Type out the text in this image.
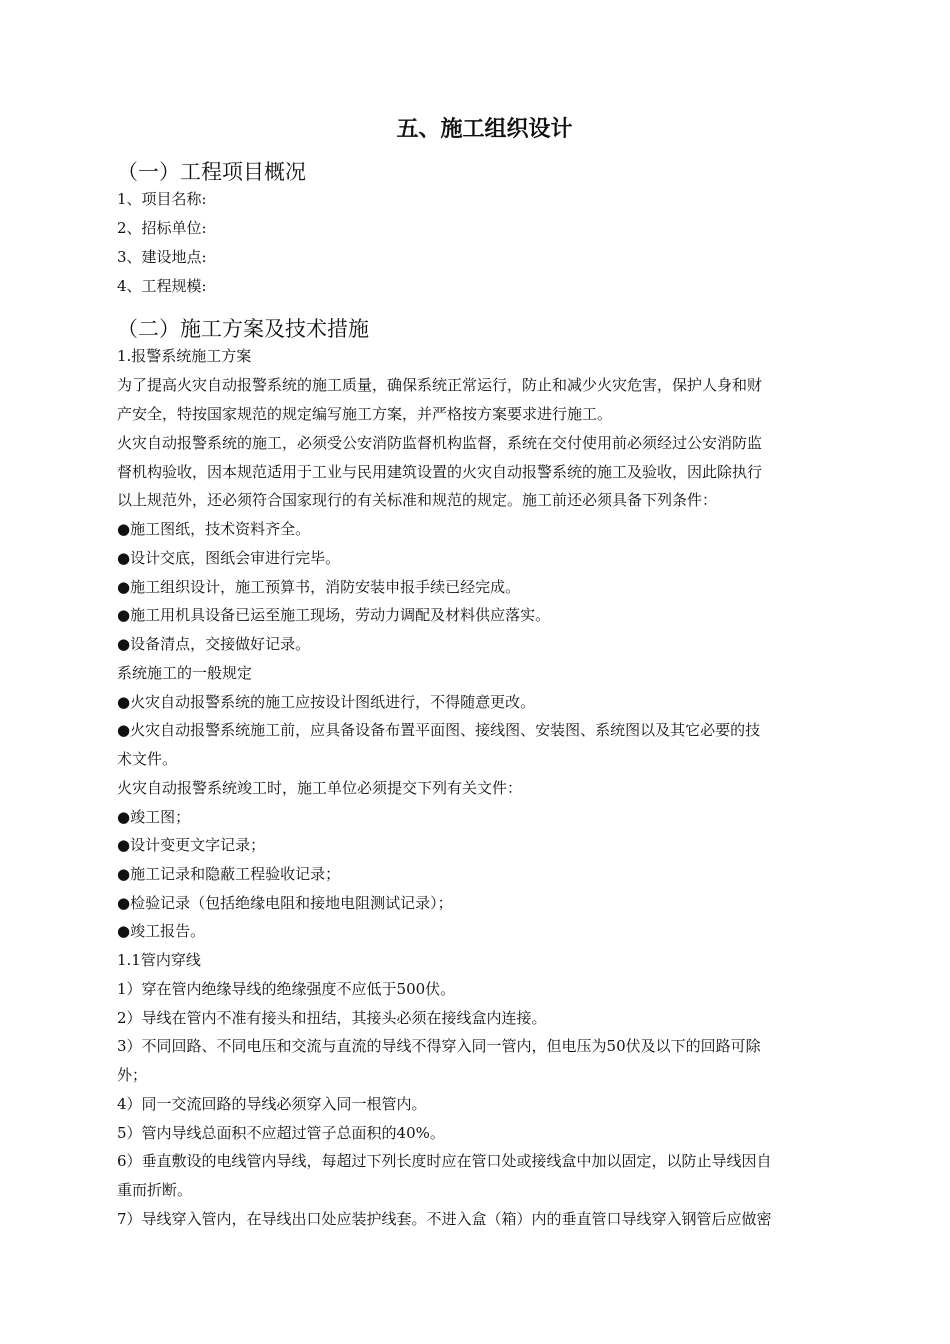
五、施工组织设计
（一）工程项目概况
1、项目名称:
2、招标单位:
3、建设地点:
4、工程规模:
（二）施工方案及技术措施
1.报警系统施工方案
为了提高火灾自动报警系统的施工质量，确保系统正常运行，防止和减少火灾危害，保护人身和财
产安全，特按国家规范的规定编写施工方案，并严格按方案要求进行施工。
火灾自动报警系统的施工，必须受公安消防监督机构监督，系统在交付使用前必须经过公安消防监
督机构验收，因本规范适用于工业与民用建筑设置的火灾自动报警系统的施工及验收，因此除执行
以上规范外，还必须符合国家现行的有关标准和规范的规定。施工前还必须具备下列条件：
●施工图纸，技术资料齐全。
●设计交底，图纸会审进行完毕。
●施工组织设计，施工预算书，消防安装申报手续已经完成。
●施工用机具设备已运至施工现场，劳动力调配及材料供应落实。
●设备清点，交接做好记录。
系统施工的一般规定
●火灾自动报警系统的施工应按设计图纸进行，不得随意更改。
●火灾自动报警系统施工前，应具备设备布置平面图、接线图、安装图、系统图以及其它必要的技
术文件。
火灾自动报警系统竣工时，施工单位必须提交下列有关文件：
●竣工图；
●设计变更文字记录；
●施工记录和隐蔽工程验收记录；
●检验记录（包括绝缘电阻和接地电阻测试记录）；
●竣工报告。
1.1管内穿线
1）穿在管内绝缘导线的绝缘强度不应低于500伏。
2）导线在管内不准有接头和扭结，其接头必须在接线盒内连接。
3）不同回路、不同电压和交流与直流的导线不得穿入同一管内，但电压为50伏及以下的回路可除
外；
4）同一交流回路的导线必须穿入同一根管内。
5）管内导线总面积不应超过管子总面积的40%。
6）垂直敷设的电线管内导线，每超过下列长度时应在管口处或接线盒中加以固定，以防止导线因自
重而折断。
7）导线穿入管内，在导线出口处应装护线套。不进入盒（箱）内的垂直管口导线穿入钢管后应做密
